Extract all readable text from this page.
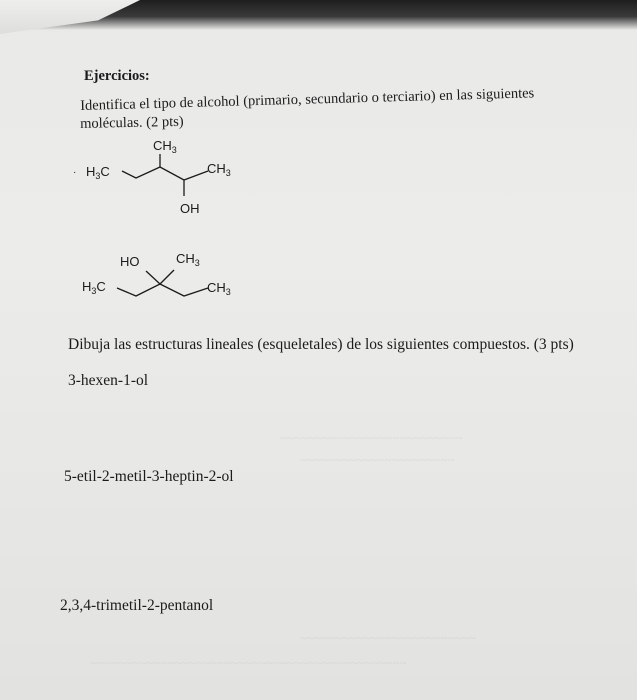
Ejercicios:
Identifica el tipo de alcohol (primario, secundario o terciario) en las siguientes
moléculas. (2 pts)
$H_3C$
$CH_3$
$CH_3$
OH
·
$H_3C$
HO	$CH_3$
$CH_3$
Dibuja las estructuras lineales (esqueletales) de los siguientes compuestos. (3 pts)
3-hexen-1-ol
5-etil-2-metil-3-heptin-2-ol
2,3,4-trimetil-2-pentanol
~~~~~~~~~~~~~~~~~~~~~~~~~~
~~~~~~~~~~~~~~~~~~~~~~
~~~~~~~~~~~~~~~~~~~~~~~~~
~~~~~~~~~~~~~~~~~~~~~~~~~~~~~~~~~~~~~~~~~~~~~
